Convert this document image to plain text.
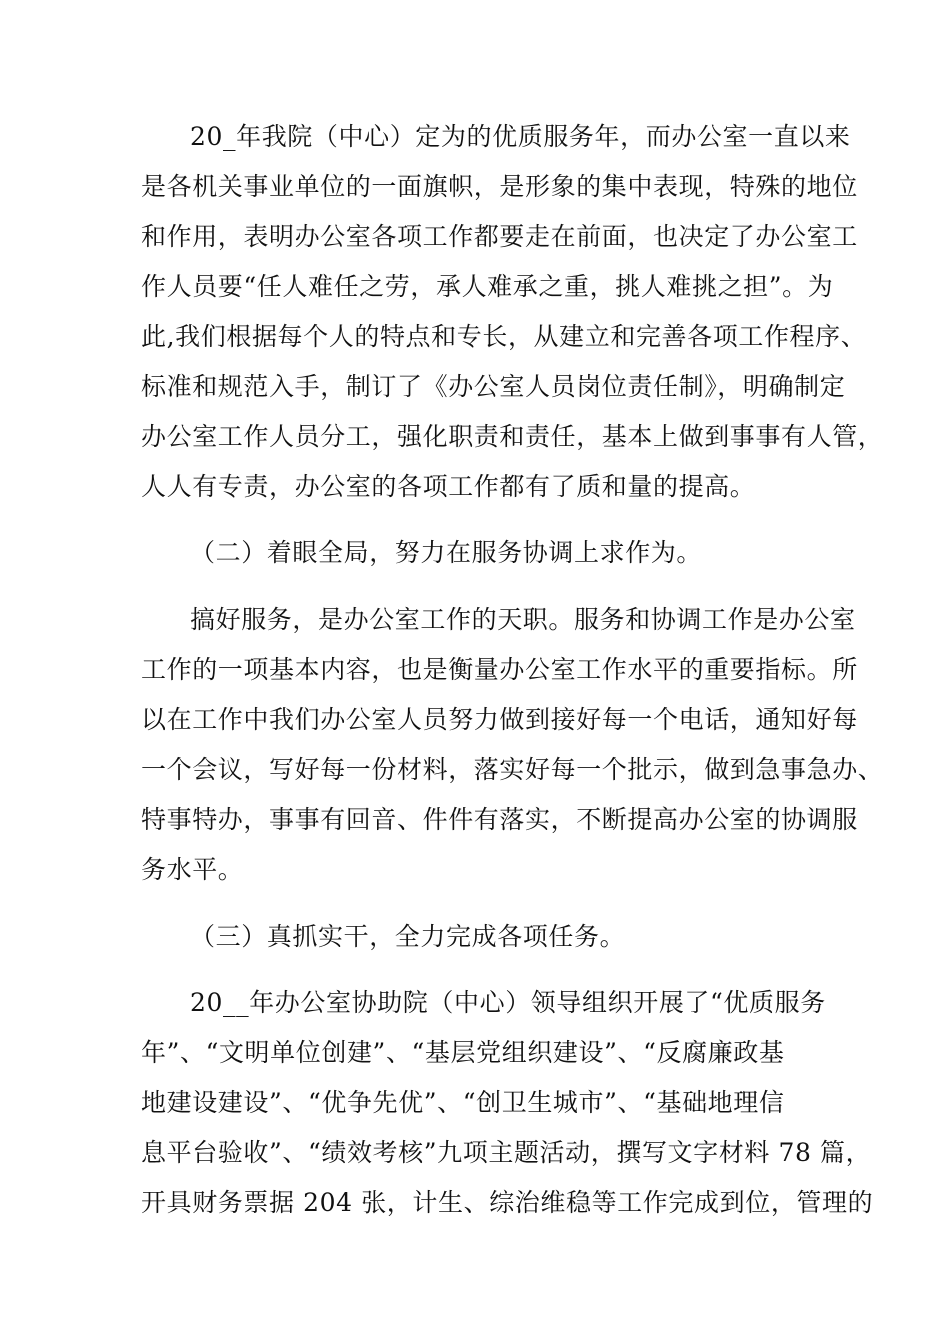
20_年我院（中心）定为的优质服务年，而办公室一直以来
是各机关事业单位的一面旗帜，是形象的集中表现，特殊的地位
和作用，表明办公室各项工作都要走在前面，也决定了办公室工
作人员要“任人难任之劳，承人难承之重，挑人难挑之担”。为
此,我们根据每个人的特点和专长，从建立和完善各项工作程序、
标准和规范入手，制订了《办公室人员岗位责任制》，明确制定
办公室工作人员分工，强化职责和责任，基本上做到事事有人管，
人人有专责，办公室的各项工作都有了质和量的提高。
（二）着眼全局，努力在服务协调上求作为。
搞好服务，是办公室工作的天职。服务和协调工作是办公室
工作的一项基本内容，也是衡量办公室工作水平的重要指标。所
以在工作中我们办公室人员努力做到接好每一个电话，通知好每
一个会议，写好每一份材料，落实好每一个批示，做到急事急办、
特事特办，事事有回音、件件有落实，不断提高办公室的协调服
务水平。
（三）真抓实干，全力完成各项任务。
20__年办公室协助院（中心）领导组织开展了“优质服务
年”、“文明单位创建”、“基层党组织建设”、“反腐廉政基
地建设建设”、“优争先优”、“创卫生城市”、“基础地理信
息平台验收”、“绩效考核”九项主题活动，撰写文字材料 78 篇，
开具财务票据 204 张，计生、综治维稳等工作完成到位，管理的
